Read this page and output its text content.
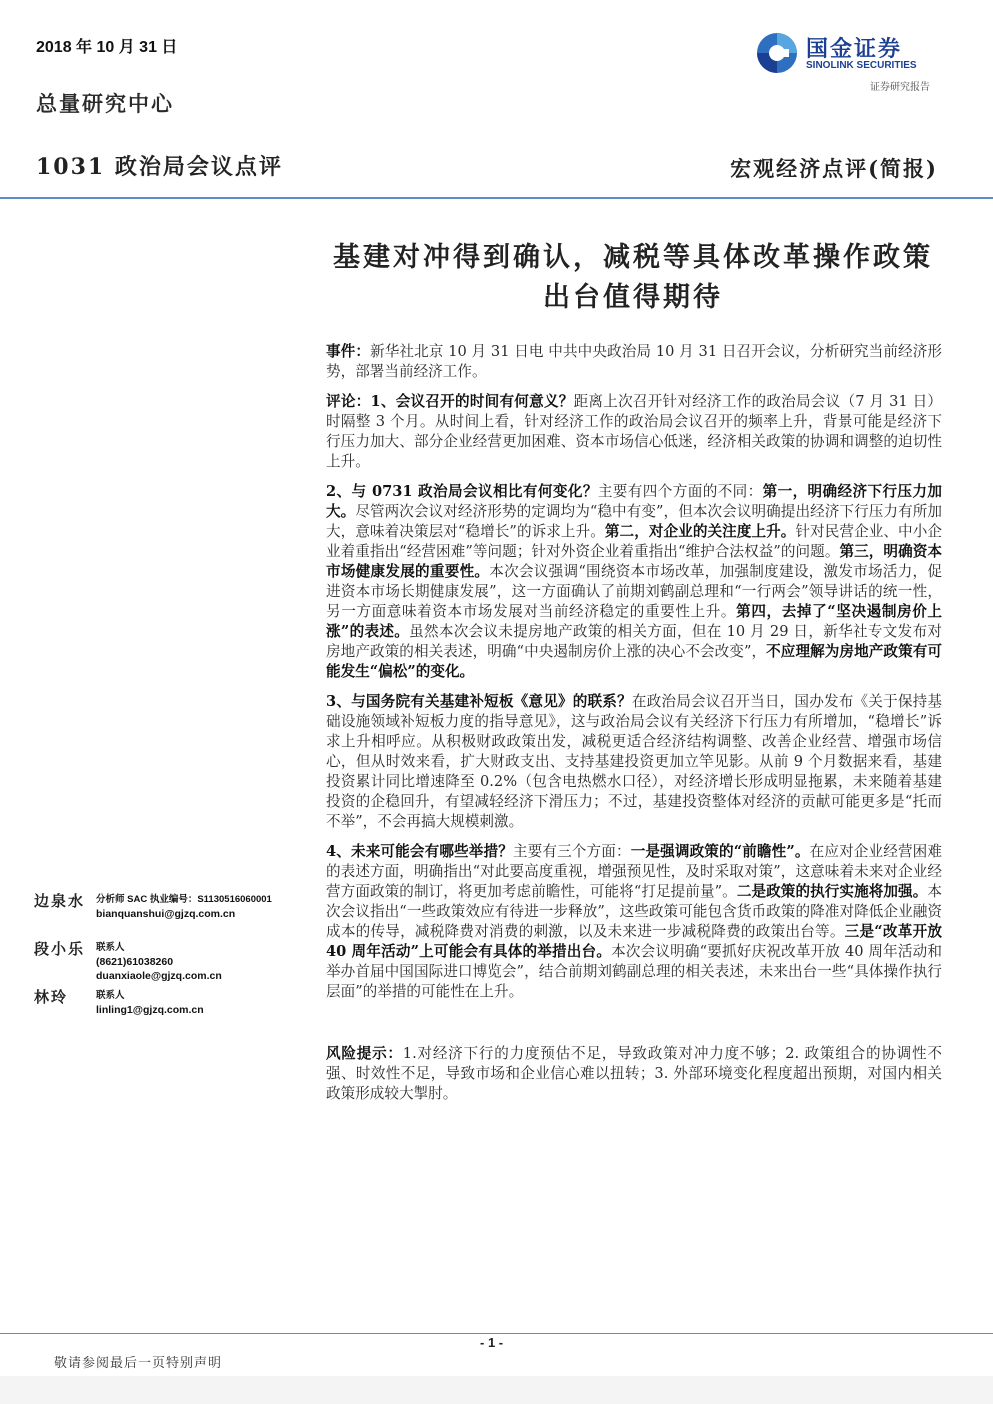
2018 年 10 月 31 日
总量研究中心
1031 政治局会议点评	宏观经济点评(简报)
国金证券
SINOLINK SECURITIES
证券研究报告
基建对冲得到确认，减税等具体改革操作政策
出台值得期待

事件：新华社北京 10 月 31 日电 中共中央政治局 10 月 31 日召开会议，分析研究当前经济形势，部署当前经济工作。

评论：1、会议召开的时间有何意义？距离上次召开针对经济工作的政治局会议（7 月 31 日）时隔整 3 个月。从时间上看，针对经济工作的政治局会议召开的频率上升，背景可能是经济下行压力加大、部分企业经营更加困难、资本市场信心低迷，经济相关政策的协调和调整的迫切性上升。

2、与 0731 政治局会议相比有何变化？主要有四个方面的不同：第一，明确经济下行压力加大。尽管两次会议对经济形势的定调均为“稳中有变”，但本次会议明确提出经济下行压力有所加大，意味着决策层对“稳增长”的诉求上升。第二，对企业的关注度上升。针对民营企业、中小企业着重指出“经营困难”等问题；针对外资企业着重指出“维护合法权益”的问题。第三，明确资本市场健康发展的重要性。本次会议强调“围绕资本市场改革，加强制度建设，激发市场活力，促进资本市场长期健康发展”，这一方面确认了前期刘鹤副总理和“一行两会”领导讲话的统一性，另一方面意味着资本市场发展对当前经济稳定的重要性上升。第四，去掉了“坚决遏制房价上涨”的表述。虽然本次会议未提房地产政策的相关方面，但在 10 月 29 日，新华社专文发布对房地产政策的相关表述，明确“中央遏制房价上涨的决心不会改变”，不应理解为房地产政策有可能发生“偏松”的变化。

3、与国务院有关基建补短板《意见》的联系？在政治局会议召开当日，国办发布《关于保持基础设施领域补短板力度的指导意见》，这与政治局会议有关经济下行压力有所增加，“稳增长”诉求上升相呼应。从积极财政政策出发，减税更适合经济结构调整、改善企业经营、增强市场信心，但从时效来看，扩大财政支出、支持基建投资更加立竿见影。从前 9 个月数据来看，基建投资累计同比增速降至 0.2%（包含电热燃水口径），对经济增长形成明显拖累，未来随着基建投资的企稳回升，有望减轻经济下滑压力；不过，基建投资整体对经济的贡献可能更多是“托而不举”，不会再搞大规模刺激。

4、未来可能会有哪些举措？主要有三个方面：一是强调政策的“前瞻性”。在应对企业经营困难的表述方面，明确指出“对此要高度重视，增强预见性，及时采取对策”，这意味着未来对企业经营方面政策的制订，将更加考虑前瞻性，可能将“打足提前量”。二是政策的执行实施将加强。本次会议指出“一些政策效应有待进一步释放”，这些政策可能包含货币政策的降准对降低企业融资成本的传导，减税降费对消费的刺激，以及未来进一步减税降费的政策出台等。三是“改革开放 40 周年活动”上可能会有具体的举措出台。本次会议明确“要抓好庆祝改革开放 40 周年活动和举办首届中国国际进口博览会”，结合前期刘鹤副总理的相关表述，未来出台一些“具体操作执行层面”的举措的可能性在上升。

风险提示：1.对经济下行的力度预估不足，导致政策对冲力度不够；2. 政策组合的协调性不强、时效性不足，导致市场和企业信心难以扭转；3. 外部环境变化程度超出预期，对国内相关政策形成较大掣肘。

边泉水 分析师 SAC 执业编号：S1130516060001
bianquanshui@gjzq.com.cn
段小乐 联系人
(8621)61038260
duanxiaole@gjzq.com.cn
林玲	联系人
linling1@gjzq.com.cn
- 1 -
敬请参阅最后一页特别声明
